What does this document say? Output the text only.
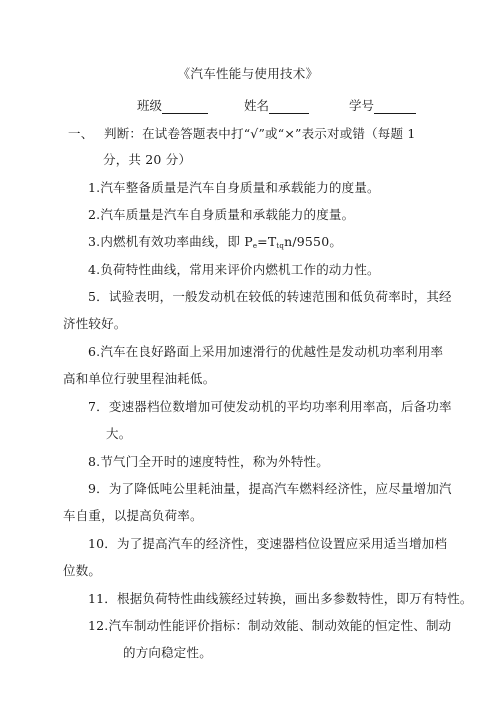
《汽车性能与使用技术》
班级	姓名	学号
一、 判断：在试卷答题表中打“√”或“×”表示对或错（每题 1
分，共 20 分）
1.汽车整备质量是汽车自身质量和承载能力的度量。
2.汽车质量是汽车自身质量和承载能力的度量。
3.内燃机有效功率曲线，即 $P_e=T_{tq}n/9550$。
4.负荷特性曲线，常用来评价内燃机工作的动力性。
5．试验表明，一般发动机在较低的转速范围和低负荷率时，其经
济性较好。
6.汽车在良好路面上采用加速滑行的优越性是发动机功率利用率
高和单位行驶里程油耗低。
7．变速器档位数增加可使发动机的平均功率利用率高，后备功率
大。
8.节气门全开时的速度特性，称为外特性。
9．为了降低吨公里耗油量，提高汽车燃料经济性，应尽量增加汽
车自重，以提高负荷率。
10．为了提高汽车的经济性，变速器档位设置应采用适当增加档
位数。
11．根据负荷特性曲线簇经过转换，画出多参数特性，即万有特性。
12.汽车制动性能评价指标：制动效能、制动效能的恒定性、制动
的方向稳定性。
